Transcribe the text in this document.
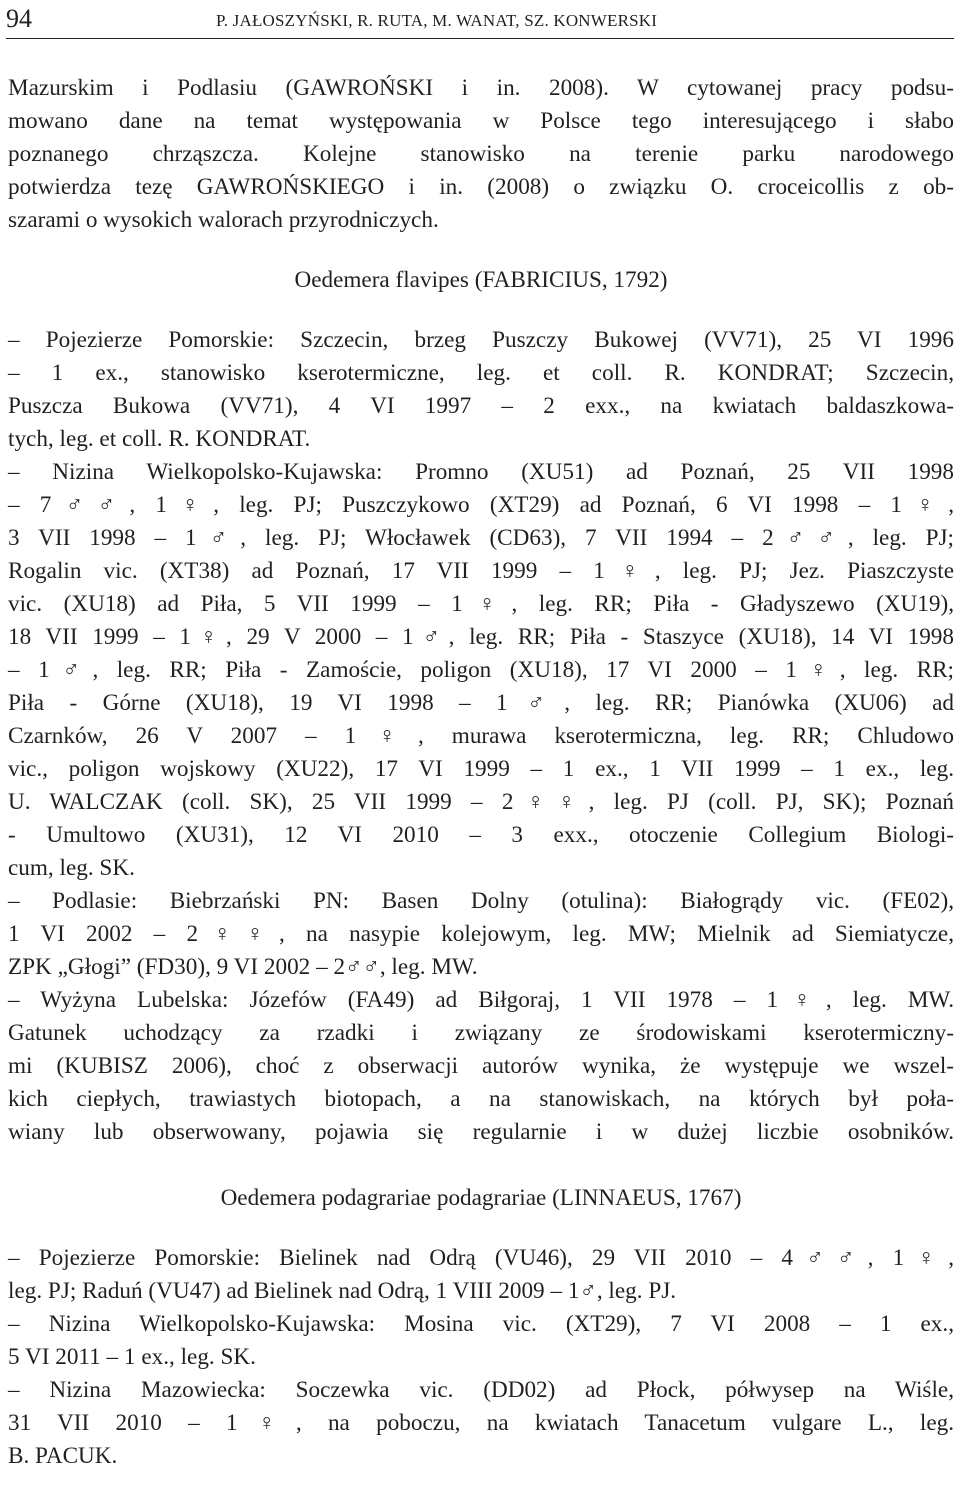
94	P. JAŁOSZYŃSKI, R. RUTA, M. WANAT, SZ. KONWERSKI
Mazurskim i Podlasiu (GAWROŃSKI i in. 2008). W cytowanej pracy podsu-
mowano dane na temat występowania w Polsce tego interesującego i słabo
poznanego chrząszcza. Kolejne stanowisko na terenie parku narodowego
potwierdza tezę GAWROŃSKIEGO i in. (2008) o związku O. croceicollis z ob-
szarami o wysokich walorach przyrodniczych.
Oedemera flavipes (FABRICIUS, 1792)
– Pojezierze Pomorskie: Szczecin, brzeg Puszczy Bukowej (VV71), 25 VI 1996
– 1 ex., stanowisko kserotermiczne, leg. et coll. R. KONDRAT; Szczecin,
Puszcza Bukowa (VV71), 4 VI 1997 – 2 exx., na kwiatach baldaszkowa-
tych, leg. et coll. R. KONDRAT.
– Nizina Wielkopolsko-Kujawska: Promno (XU51) ad Poznań, 25 VII 1998
– 7♂♂, 1♀, leg. PJ; Puszczykowo (XT29) ad Poznań, 6 VI 1998 – 1♀,
3 VII 1998 – 1♂, leg. PJ; Włocławek (CD63), 7 VII 1994 – 2♂♂, leg. PJ;
Rogalin vic. (XT38) ad Poznań, 17 VII 1999 – 1♀, leg. PJ; Jez. Piaszczyste
vic. (XU18) ad Piła, 5 VII 1999 – 1♀, leg. RR; Piła - Gładyszewo (XU19),
18 VII 1999 – 1♀, 29 V 2000 – 1♂, leg. RR; Piła - Staszyce (XU18), 14 VI 1998
– 1♂, leg. RR; Piła - Zamoście, poligon (XU18), 17 VI 2000 – 1♀, leg. RR;
Piła - Górne (XU18), 19 VI 1998 – 1♂, leg. RR; Pianówka (XU06) ad
Czarnków, 26 V 2007 – 1♀, murawa kserotermiczna, leg. RR; Chludowo
vic., poligon wojskowy (XU22), 17 VI 1999 – 1 ex., 1 VII 1999 – 1 ex., leg.
U. WALCZAK (coll. SK), 25 VII 1999 – 2♀♀, leg. PJ (coll. PJ, SK); Poznań
- Umultowo (XU31), 12 VI 2010 – 3 exx., otoczenie Collegium Biologi-
cum, leg. SK.
– Podlasie: Biebrzański PN: Basen Dolny (otulina): Białogrądy vic. (FE02),
1 VI 2002 – 2♀♀, na nasypie kolejowym, leg. MW; Mielnik ad Siemiatycze,
ZPK „Głogi” (FD30), 9 VI 2002 – 2♂♂, leg. MW.
– Wyżyna Lubelska: Józefów (FA49) ad Biłgoraj, 1 VII 1978 – 1♀, leg. MW.
Gatunek uchodzący za rzadki i związany ze środowiskami kserotermiczny-
mi (KUBISZ 2006), choć z obserwacji autorów wynika, że występuje we wszel-
kich ciepłych, trawiastych biotopach, a na stanowiskach, na których był poła-
wiany lub obserwowany, pojawia się regularnie i w dużej liczbie osobników.
Oedemera podagrariae podagrariae (LINNAEUS, 1767)
– Pojezierze Pomorskie: Bielinek nad Odrą (VU46), 29 VII 2010 – 4♂♂, 1♀,
leg. PJ; Raduń (VU47) ad Bielinek nad Odrą, 1 VIII 2009 – 1♂, leg. PJ.
– Nizina Wielkopolsko-Kujawska: Mosina vic. (XT29), 7 VI 2008 – 1 ex.,
5 VI 2011 – 1 ex., leg. SK.
– Nizina Mazowiecka: Soczewka vic. (DD02) ad Płock, półwysep na Wiśle,
31 VII 2010 – 1♀, na poboczu, na kwiatach Tanacetum vulgare L., leg.
B. PACUK.
